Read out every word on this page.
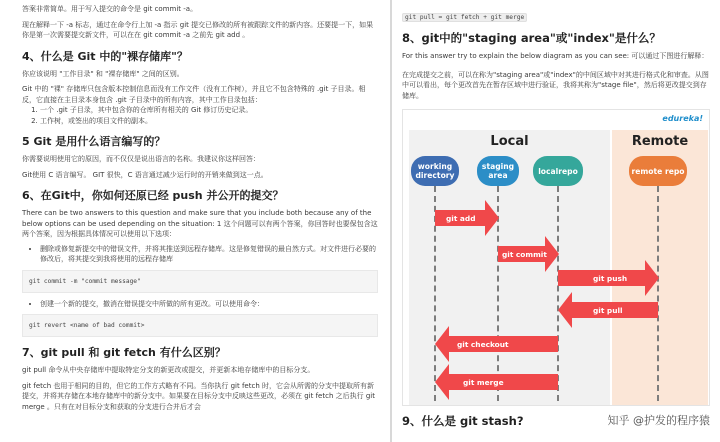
答案非常简单。用于写入提交的命令是 git commit -a。

现在解释一下 -a 标志，通过在命令行上加 -a 指示 git 提交已修改的所有被跟踪文件的新内容。还要提一下，如果你是第一次需要提交新文件，可以在在 git commit -a 之前先 git add 。

4、什么是 Git 中的"裸存储库"？

你应该说明 "工作目录" 和 "裸存储库" 之间的区别。

Git 中的 "裸" 存储库只包含版本控制信息而没有工作文件（没有工作树），并且它不包含特殊的 .git 子目录。相反，它直接在主目录本身包含 .git 子目录中的所有内容，其中工作目录包括：

1. 一个 .git 子目录，其中包含你的仓库所有相关的 Git 修订历史记录。
2. 工作树，或签出的项目文件的副本。
5 Git 是用什么语言编写的？

你需要说明使用它的原因，而不仅仅是说出语言的名称。我建议你这样回答：

Git使用 C 语言编写。 GIT 很快，C 语言通过减少运行时的开销来做到这一点。

6、在Git中，你如何还原已经 push 并公开的提交？

There can be two answers to this question and make sure that you include both because any of the below options can be used depending on the situation: 1 这个问题可以有两个答案，你回答时也要保包含这两个答案，因为根据具体情况可以使用以下选项：

• 删除或修复新提交中的错误文件，并将其推送到远程存储库。这是修复错误的最自然方式。对文件进行必要的修改后，将其提交到我将使用的远程存储库
git commit -m "commit message"
• 创建一个新的提交，撤消在错误提交中所做的所有更改。可以使用命令：
git revert <name of bad commit>
7、git pull 和 git fetch 有什么区别？

git pull 命令从中央存储库中提取特定分支的新更改或提交，并更新本地存储库中的目标分支。

git fetch 也用于相同的目的，但它的工作方式略有不同。当你执行 git fetch 时，它会从所需的分支中提取所有新提交，并将其存储在本地存储库中的新分支中。如果要在目标分支中反映这些更改，必须在 git fetch 之后执行 git merge 。只有在对目标分支和获取的分支进行合并后才会

git pull = git fetch + git merge
8、git中的"staging area"或"index"是什么？

For this answer try to explain the below diagram as you can see: 可以通过下图进行解释：

在完成提交之前，可以在称为"staging area"或"index"的中间区域中对其进行格式化和审查。从图中可以看出，每个更改首先在暂存区域中进行验证，我将其称为"stage file"，然后将更改提交到存储库。

edureka!
Local	Remote
working directory
staging area	localrepo	remote repo
git add
git commit
git push
git pull
git checkout
git merge
9、什么是 git stash?	知乎 @护发的程序猿
